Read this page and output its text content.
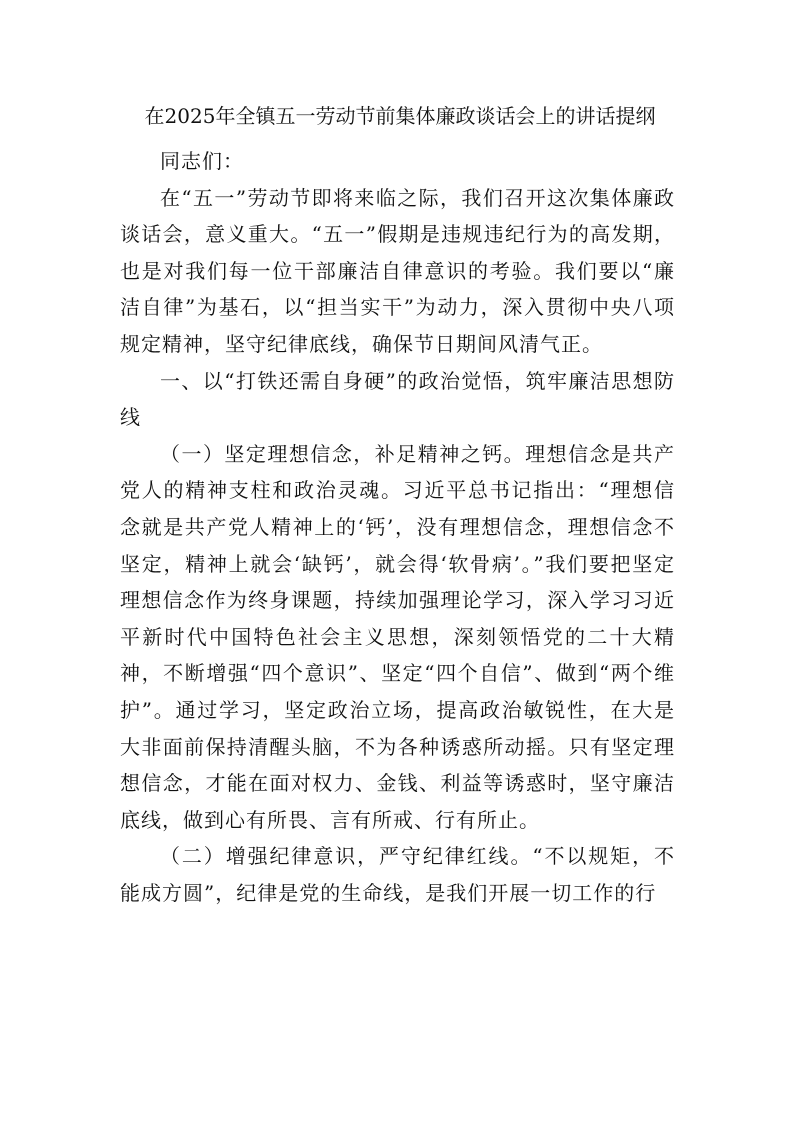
在2025年全镇五一劳动节前集体廉政谈话会上的讲话提纲

同志们：

在“五一”劳动节即将来临之际，我们召开这次集体廉政谈话会，意义重大。“五一”假期是违规违纪行为的高发期，也是对我们每一位干部廉洁自律意识的考验。我们要以“廉洁自律”为基石，以“担当实干”为动力，深入贯彻中央八项规定精神，坚守纪律底线，确保节日期间风清气正。

一、以“打铁还需自身硬”的政治觉悟，筑牢廉洁思想防线

（一）坚定理想信念，补足精神之钙。理想信念是共产党人的精神支柱和政治灵魂。习近平总书记指出：“理想信念就是共产党人精神上的‘钙’，没有理想信念，理想信念不坚定，精神上就会‘缺钙’，就会得‘软骨病’。”我们要把坚定理想信念作为终身课题，持续加强理论学习，深入学习习近平新时代中国特色社会主义思想，深刻领悟党的二十大精神，不断增强“四个意识”、坚定“四个自信”、做到“两个维护”。通过学习，坚定政治立场，提高政治敏锐性，在大是大非面前保持清醒头脑，不为各种诱惑所动摇。只有坚定理想信念，才能在面对权力、金钱、利益等诱惑时，坚守廉洁底线，做到心有所畏、言有所戒、行有所止。

（二）增强纪律意识，严守纪律红线。“不以规矩，不能成方圆”，纪律是党的生命线，是我们开展一切工作的行
